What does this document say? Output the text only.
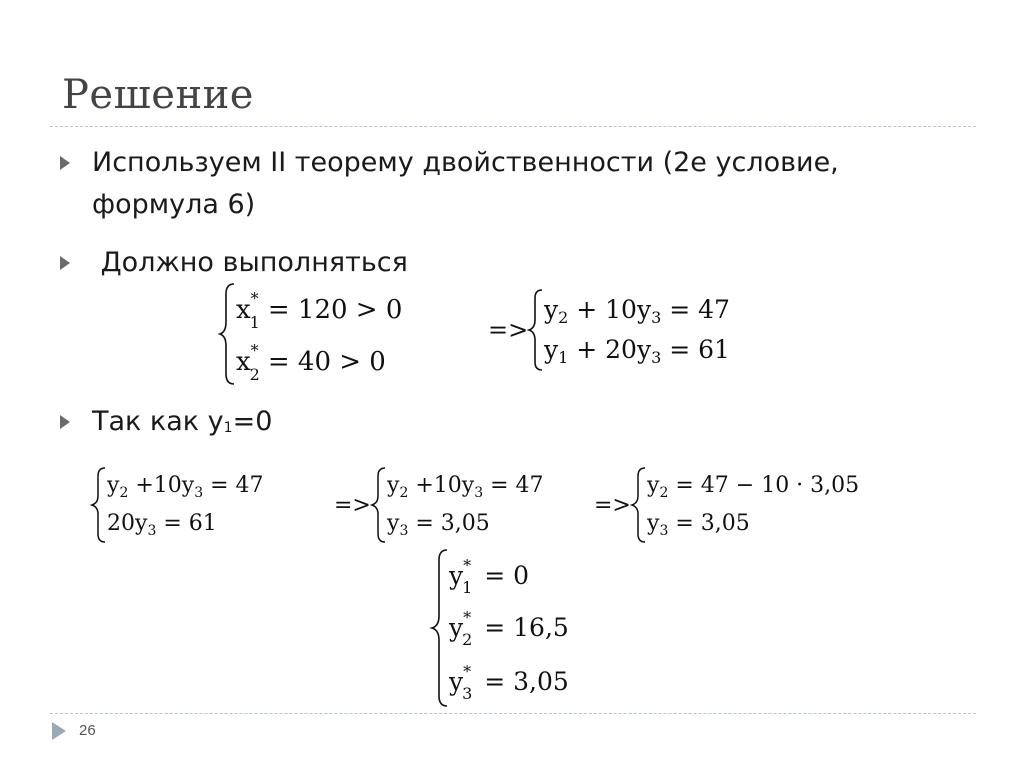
Решение
Используем II теорему двойственности (2е условие,
формула 6)
Должно выполняться
x* 1 = 120 > 0
x* 2 = 40 > 0
=>
$y_2 + 10y_3 = 47$
$y_1 + 20y_3 = 61$
Так как y1=0
$y_2 +10y_3 = 47$
$20y_3 = 61$
=>
$y_2 +10y_3 = 47$
$y_3 = 3,05$
=>
$y_2 = 47 - 10 \cdot 3,05$
$y_3 = 3,05$
y* 1 = 0
y* 2 = 16,5
y* 3 = 3,05
26
